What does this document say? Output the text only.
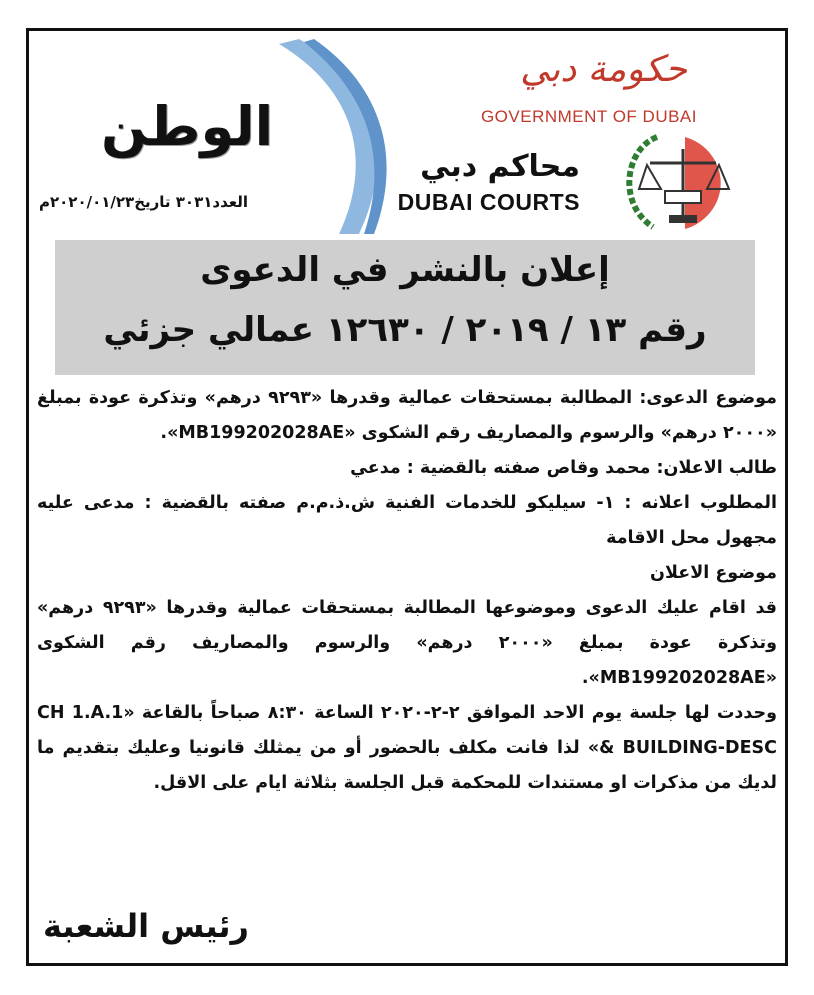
الوطن
العدد٣٠٣١ تاريخ٢٠٢٠/٠١/٢٣م
حكومة دبي
GOVERNMENT OF DUBAI
محاكم دبي
DUBAI COURTS
إعلان بالنشر في الدعوى
رقم ١٣ / ٢٠١٩ / ١٢٦٣٠ عمالي جزئي

موضوع الدعوى: المطالبة بمستحقات عمالية وقدرها «٩٢٩٣ درهم» وتذكرة عودة بمبلغ «٢٠٠٠ درهم» والرسوم والمصاريف رقم الشكوى «MB199202028AE».

طالب الاعلان: محمد وقاص صفته بالقضية : مدعي

المطلوب اعلانه : ١- سيليكو للخدمات الفنية ش.ذ.م.م صفته بالقضية : مدعى عليه مجهول محل الاقامة

موضوع الاعلان

قد اقام عليك الدعوى وموضوعها المطالبة بمستحقات عمالية وقدرها «٩٢٩٣ درهم» وتذكرة عودة بمبلغ «٢٠٠٠ درهم» والرسوم والمصاريف رقم الشكوى «MB199202028AE».

وحددت لها جلسة يوم الاحد الموافق ٢-٢-٢٠٢٠ الساعة ٨:٣٠ صباحاً بالقاعة «CH 1.A.1 & BUILDING-DESC» لذا فانت مكلف بالحضور أو من يمثلك قانونيا وعليك بتقديم ما لديك من مذكرات او مستندات للمحكمة قبل الجلسة بثلاثة ايام على الاقل.

رئيس الشعبة
